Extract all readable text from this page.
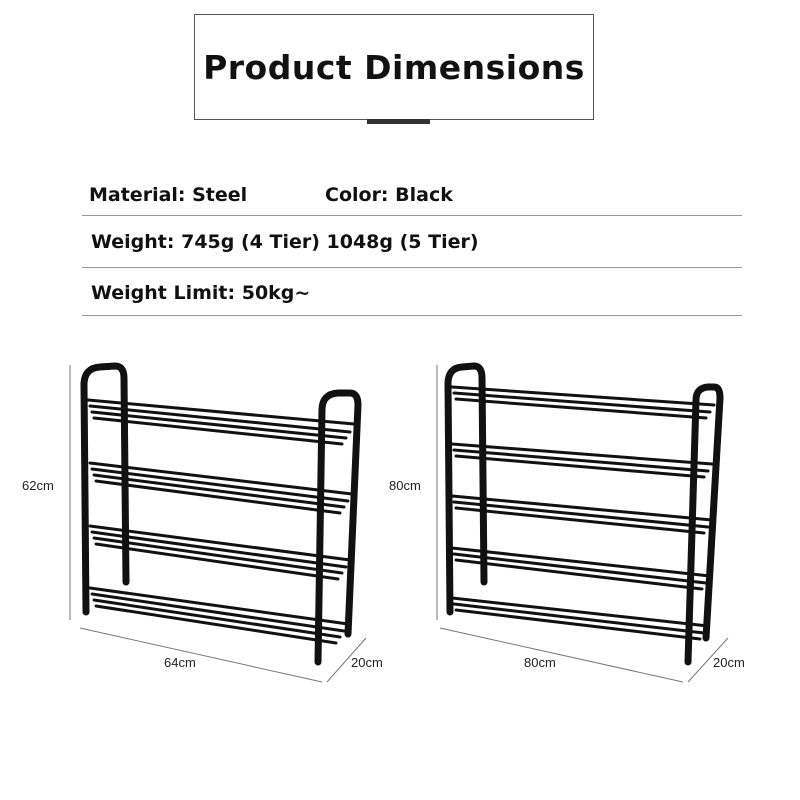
Product Dimensions
Material: Steel	Color: Black
Weight: 745g (4 Tier) 1048g (5 Tier)
Weight Limit: 50kg~
62cm
64cm	20cm
80cm
80cm	20cm
